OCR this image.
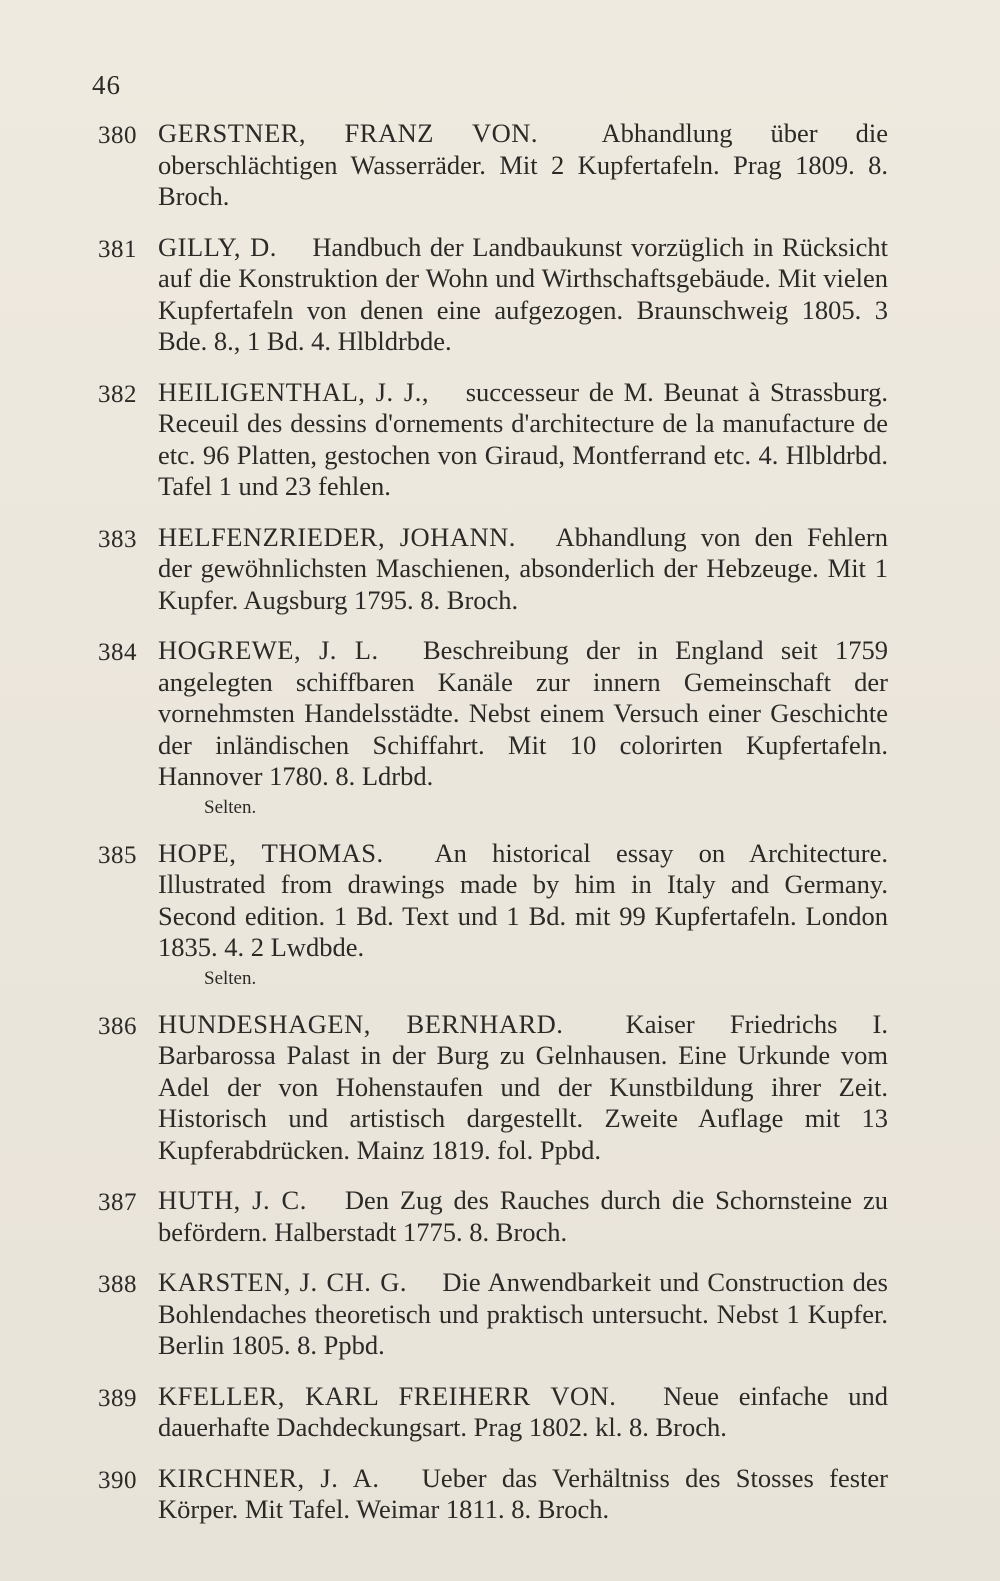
46
380 GERSTNER, FRANZ VON.  Abhandlung über die oberschlächtigen Wasserräder. Mit 2 Kupfertafeln. Prag 1809. 8. Broch.
381 GILLY, D.  Handbuch der Landbaukunst vorzüglich in Rücksicht auf die Konstruktion der Wohn und Wirthschaftsgebäude. Mit vielen Kupfertafeln von denen eine aufgezogen. Braunschweig 1805. 3 Bde. 8., 1 Bd. 4. Hlbldrbde.
382 HEILIGENTHAL, J. J.,  successeur de M. Beunat à Strassburg. Receuil des dessins d'ornements d'architecture de la manufacture de etc. 96 Platten, gestochen von Giraud, Montferrand etc. 4. Hlbldrbd. Tafel 1 und 23 fehlen.
383 HELFENZRIEDER, JOHANN.  Abhandlung von den Fehlern der gewöhnlichsten Maschienen, absonderlich der Hebzeuge. Mit 1 Kupfer. Augsburg 1795. 8. Broch.
384 HOGREWE, J. L.  Beschreibung der in England seit 1759 angelegten schiffbaren Kanäle zur innern Gemeinschaft der vornehmsten Handelsstädte. Nebst einem Versuch einer Geschichte der inländischen Schiffahrt. Mit 10 colorirten Kupfertafeln. Hannover 1780. 8. Ldrbd.
Selten.
385 HOPE, THOMAS.  An historical essay on Architecture. Illustrated from drawings made by him in Italy and Germany. Second edition. 1 Bd. Text und 1 Bd. mit 99 Kupfertafeln. London 1835. 4. 2 Lwdbde.
Selten.
386 HUNDESHAGEN, BERNHARD.  Kaiser Friedrichs I. Barbarossa Palast in der Burg zu Gelnhausen. Eine Urkunde vom Adel der von Hohenstaufen und der Kunstbildung ihrer Zeit. Historisch und artistisch dargestellt. Zweite Auflage mit 13 Kupferabdrücken. Mainz 1819. fol. Ppbd.
387 HUTH, J. C.  Den Zug des Rauches durch die Schornsteine zu befördern. Halberstadt 1775. 8. Broch.
388 KARSTEN, J. CH. G.  Die Anwendbarkeit und Construction des Bohlendaches theoretisch und praktisch untersucht. Nebst 1 Kupfer. Berlin 1805. 8. Ppbd.
389 KFELLER, KARL FREIHERR VON.  Neue einfache und dauerhafte Dachdeckungsart. Prag 1802. kl. 8. Broch.
390 KIRCHNER, J. A.  Ueber das Verhältniss des Stosses fester Körper. Mit Tafel. Weimar 1811. 8. Broch.
